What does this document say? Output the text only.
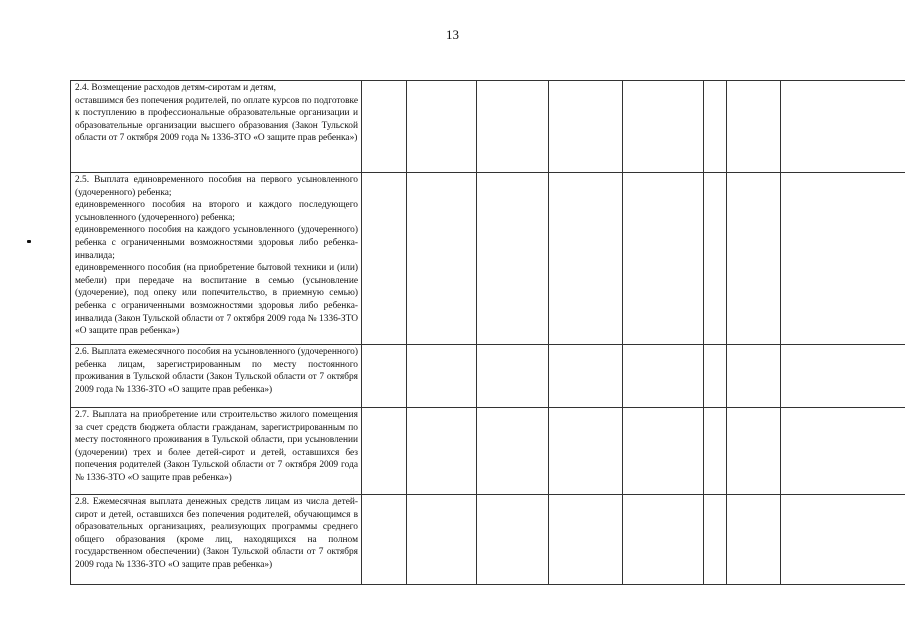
13
2.4. Возмещение расходов детям-сиротам и детям,
оставшимся без попечения родителей, по оплате курсов по подготовке к поступлению в профессиональные образовательные организации и образовательные организации высшего образования (Закон Тульской области от 7 октября 2009 года № 1336-ЗТО «О защите прав ребенка»)								
2.5. Выплата единовременного пособия на первого усыновленного (удочеренного) ребенка;
единовременного пособия на второго и каждого последующего усыновленного (удочеренного) ребенка;
единовременного пособия на каждого усыновленного (удочеренного) ребенка с ограниченными возможностями здоровья либо ребенка-инвалида;
единовременного пособия (на приобретение бытовой техники и (или) мебели) при передаче на воспитание в семью (усыновление (удочерение), под опеку или попечительство, в приемную семью) ребенка с ограниченными возможностями здоровья либо ребенка-инвалида (Закон Тульской области от 7 октября 2009 года № 1336-ЗТО «О защите прав ребенка»)								
2.6. Выплата ежемесячного пособия на усыновленного (удочеренного) ребенка лицам, зарегистрированным по месту постоянного проживания в Тульской области (Закон Тульской области от 7 октября 2009 года № 1336-ЗТО «О защите прав ребенка»)								
2.7. Выплата на приобретение или строительство жилого помещения за счет средств бюджета области гражданам, зарегистрированным по месту постоянного проживания в Тульской области, при усыновлении (удочерении) трех и более детей-сирот и детей, оставшихся без попечения родителей (Закон Тульской области от 7 октября 2009 года № 1336-ЗТО «О защите прав ребенка»)								
2.8. Ежемесячная выплата денежных средств лицам из числа детей-сирот и детей, оставшихся без попечения родителей, обучающимся в образовательных организациях, реализующих программы среднего общего образования (кроме лиц, находящихся на полном государственном обеспечении) (Закон Тульской области от 7 октября 2009 года № 1336-ЗТО «О защите прав ребенка»)								
